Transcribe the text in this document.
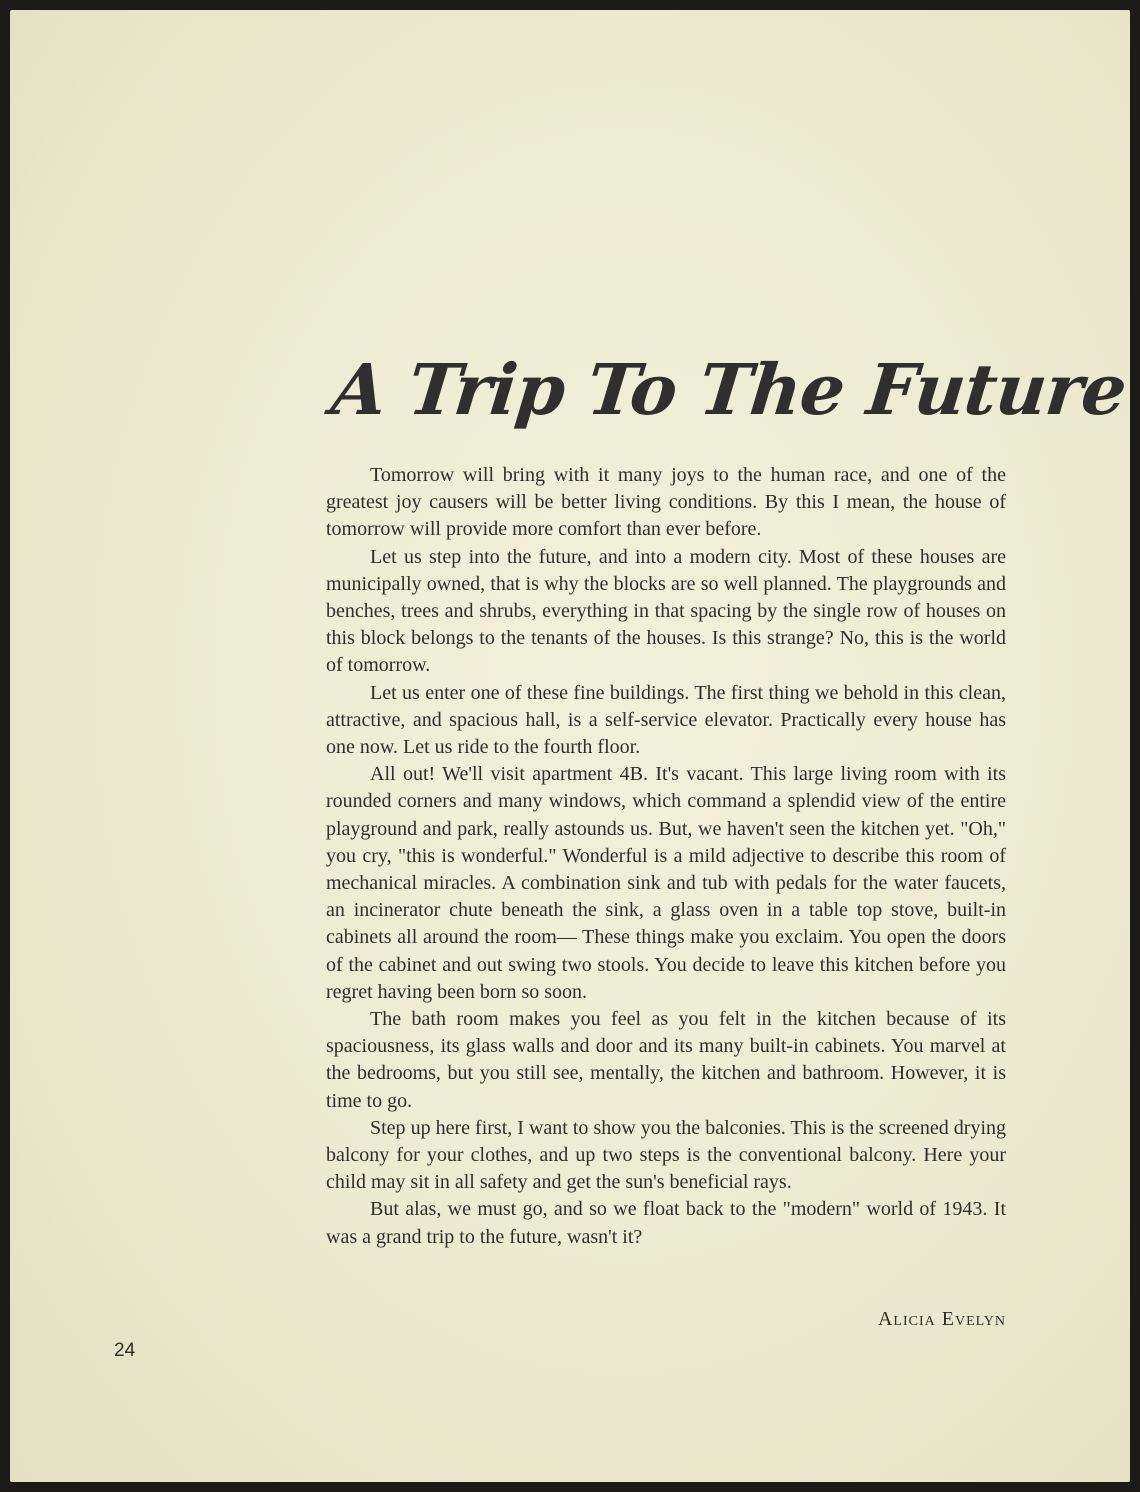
A Trip To The Future

Tomorrow will bring with it many joys to the human race, and one of the greatest joy causers will be better living conditions. By this I mean, the house of tomorrow will provide more comfort than ever before.

Let us step into the future, and into a modern city. Most of these houses are municipally owned, that is why the blocks are so well planned. The playgrounds and benches, trees and shrubs, everything in that spacing by the single row of houses on this block belongs to the tenants of the houses. Is this strange? No, this is the world of tomorrow.

Let us enter one of these fine buildings. The first thing we behold in this clean, attractive, and spacious hall, is a self-service elevator. Practically every house has one now. Let us ride to the fourth floor.

All out! We'll visit apartment 4B. It's vacant. This large living room with its rounded corners and many windows, which command a splendid view of the entire playground and park, really astounds us. But, we haven't seen the kitchen yet. "Oh," you cry, "this is wonderful." Wonderful is a mild adjective to describe this room of mechanical miracles. A combination sink and tub with pedals for the water faucets, an incinerator chute beneath the sink, a glass oven in a table top stove, built-in cabinets all around the room— These things make you exclaim. You open the doors of the cabinet and out swing two stools. You decide to leave this kitchen before you regret having been born so soon.

The bath room makes you feel as you felt in the kitchen because of its spaciousness, its glass walls and door and its many built-in cabinets. You marvel at the bedrooms, but you still see, mentally, the kitchen and bathroom. However, it is time to go.

Step up here first, I want to show you the balconies. This is the screened drying balcony for your clothes, and up two steps is the conventional balcony. Here your child may sit in all safety and get the sun's beneficial rays.

But alas, we must go, and so we float back to the "modern" world of 1943. It was a grand trip to the future, wasn't it?

Alicia Evelyn
24
